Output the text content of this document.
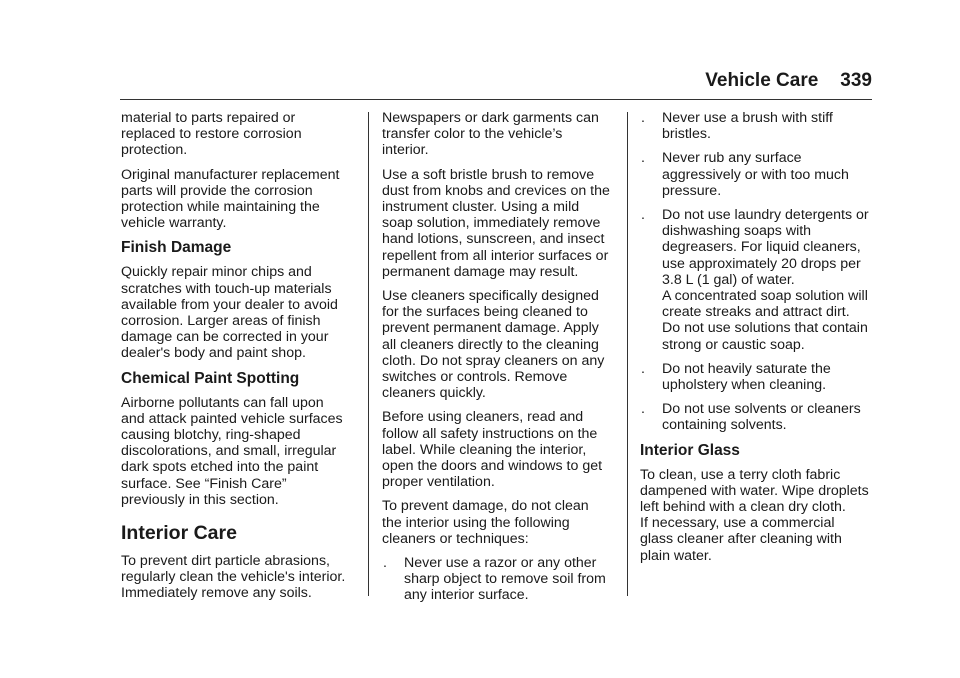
Vehicle Care 339

material to parts repaired or
replaced to restore corrosion
protection.

Original manufacturer replacement
parts will provide the corrosion
protection while maintaining the
vehicle warranty.

Finish Damage

Quickly repair minor chips and
scratches with touch-up materials
available from your dealer to avoid
corrosion. Larger areas of finish
damage can be corrected in your
dealer's body and paint shop.

Chemical Paint Spotting

Airborne pollutants can fall upon
and attack painted vehicle surfaces
causing blotchy, ring-shaped
discolorations, and small, irregular
dark spots etched into the paint
surface. See “Finish Care”
previously in this section.

Interior Care

To prevent dirt particle abrasions,
regularly clean the vehicle's interior.
Immediately remove any soils.

Newspapers or dark garments can
transfer color to the vehicle’s
interior.

Use a soft bristle brush to remove
dust from knobs and crevices on the
instrument cluster. Using a mild
soap solution, immediately remove
hand lotions, sunscreen, and insect
repellent from all interior surfaces or
permanent damage may result.

Use cleaners specifically designed
for the surfaces being cleaned to
prevent permanent damage. Apply
all cleaners directly to the cleaning
cloth. Do not spray cleaners on any
switches or controls. Remove
cleaners quickly.

Before using cleaners, read and
follow all safety instructions on the
label. While cleaning the interior,
open the doors and windows to get
proper ventilation.

To prevent damage, do not clean
the interior using the following
cleaners or techniques:

. Never use a razor or any other
sharp object to remove soil from
any interior surface.
. Never use a brush with stiff
bristles.
. Never rub any surface
aggressively or with too much
pressure.
. Do not use laundry detergents or
dishwashing soaps with
degreasers. For liquid cleaners,
use approximately 20 drops per
3.8 L (1 gal) of water.
A concentrated soap solution will
create streaks and attract dirt.
Do not use solutions that contain
strong or caustic soap.
. Do not heavily saturate the
upholstery when cleaning.
. Do not use solvents or cleaners
containing solvents.
Interior Glass

To clean, use a terry cloth fabric
dampened with water. Wipe droplets
left behind with a clean dry cloth.
If necessary, use a commercial
glass cleaner after cleaning with
plain water.
